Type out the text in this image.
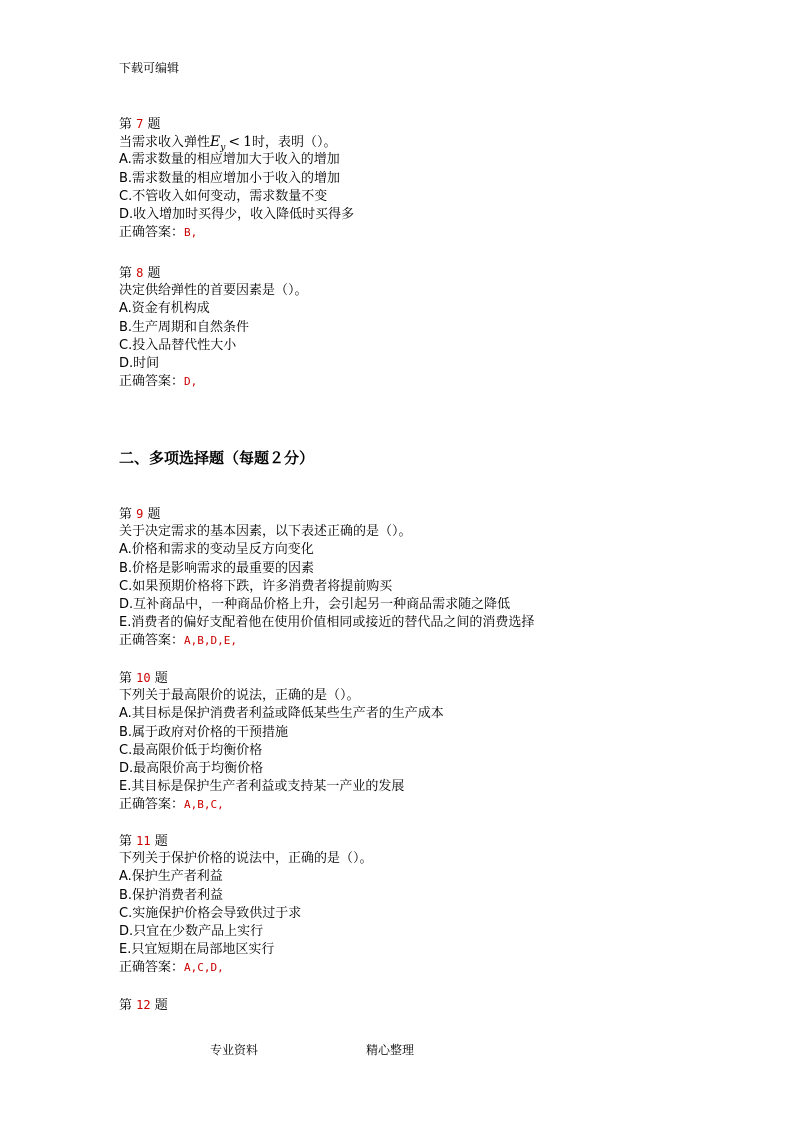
下载可编辑
第 7 题
当需求收入弹性$E_y < 1$时，表明（）。
A.需求数量的相应增加大于收入的增加
B.需求数量的相应增加小于收入的增加
C.不管收入如何变动，需求数量不变
D.收入增加时买得少，收入降低时买得多
正确答案：B,
第 8 题
决定供给弹性的首要因素是（）。
A.资金有机构成
B.生产周期和自然条件
C.投入品替代性大小
D.时间
正确答案：D,
二、多项选择题（每题２分）
第 9 题
关于决定需求的基本因素，以下表述正确的是（）。
A.价格和需求的变动呈反方向变化
B.价格是影响需求的最重要的因素
C.如果预期价格将下跌，许多消费者将提前购买
D.互补商品中，一种商品价格上升，会引起另一种商品需求随之降低
E.消费者的偏好支配着他在使用价值相同或接近的替代品之间的消费选择
正确答案：A,B,D,E,
第 10 题
下列关于最高限价的说法，正确的是（）。
A.其目标是保护消费者利益或降低某些生产者的生产成本
B.属于政府对价格的干预措施
C.最高限价低于均衡价格
D.最高限价高于均衡价格
E.其目标是保护生产者利益或支持某一产业的发展
正确答案：A,B,C,
第 11 题
下列关于保护价格的说法中，正确的是（）。
A.保护生产者利益
B.保护消费者利益
C.实施保护价格会导致供过于求
D.只宜在少数产品上实行
E.只宜短期在局部地区实行
正确答案：A,C,D,
第 12 题
专业资料	精心整理
